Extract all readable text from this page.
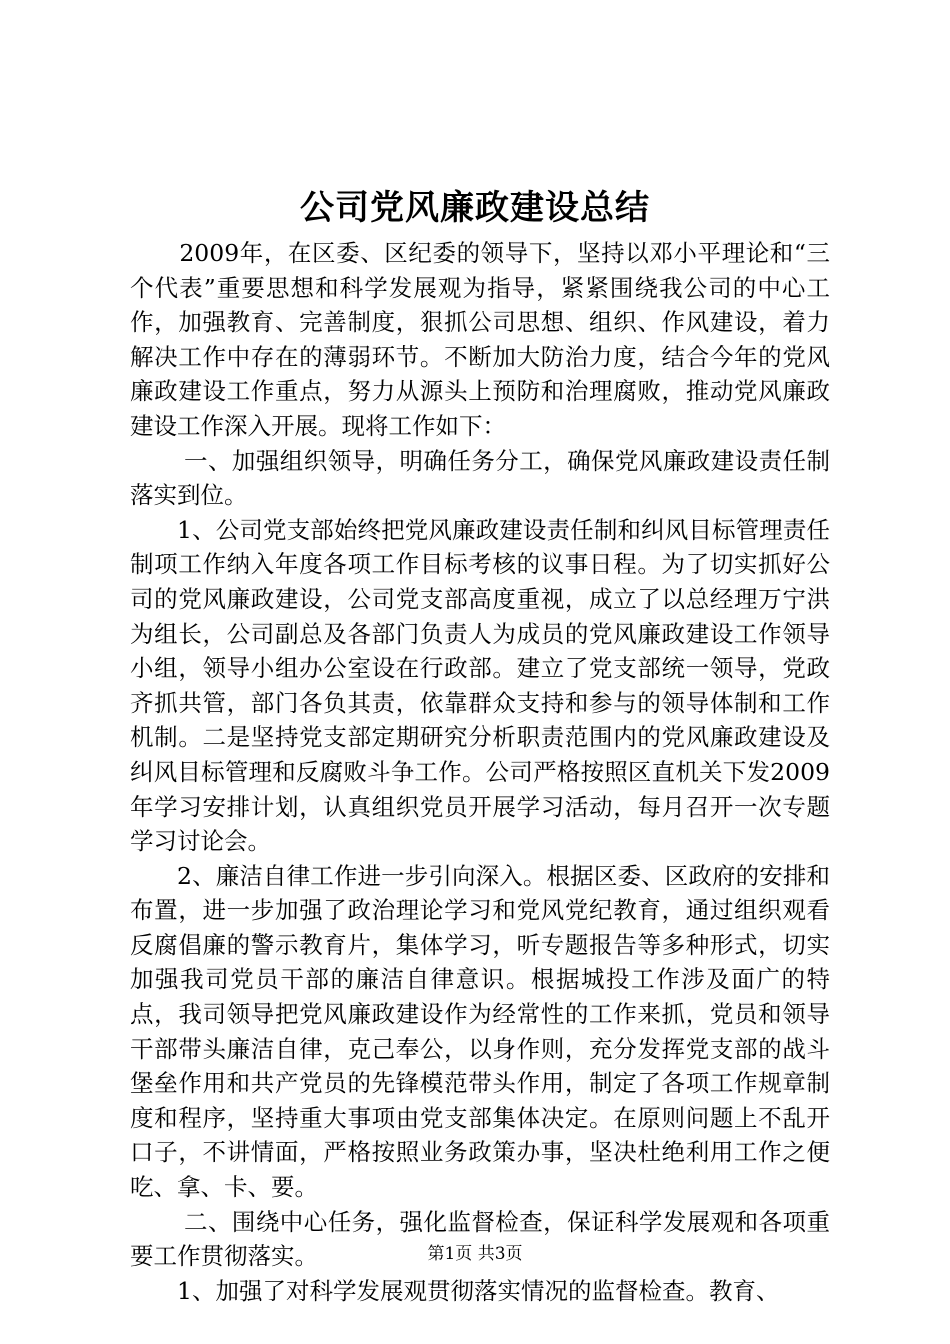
公司党风廉政建设总结

2009年，在区委、区纪委的领导下，坚持以邓小平理论和“三个代表”重要思想和科学发展观为指导，紧紧围绕我公司的中心工作，加强教育、完善制度，狠抓公司思想、组织、作风建设，着力解决工作中存在的薄弱环节。不断加大防治力度，结合今年的党风廉政建设工作重点，努力从源头上预防和治理腐败，推动党风廉政建设工作深入开展。现将工作如下：

一、加强组织领导，明确任务分工，确保党风廉政建设责任制落实到位。

1、公司党支部始终把党风廉政建设责任制和纠风目标管理责任制项工作纳入年度各项工作目标考核的议事日程。为了切实抓好公司的党风廉政建设，公司党支部高度重视，成立了以总经理万宁洪为组长，公司副总及各部门负责人为成员的党风廉政建设工作领导小组，领导小组办公室设在行政部。建立了党支部统一领导，党政齐抓共管，部门各负其责，依靠群众支持和参与的领导体制和工作机制。二是坚持党支部定期研究分析职责范围内的党风廉政建设及纠风目标管理和反腐败斗争工作。公司严格按照区直机关下发2009年学习安排计划，认真组织党员开展学习活动，每月召开一次专题学习讨论会。

2、廉洁自律工作进一步引向深入。根据区委、区政府的安排和布置，进一步加强了政治理论学习和党风党纪教育，通过组织观看反腐倡廉的警示教育片，集体学习，听专题报告等多种形式，切实加强我司党员干部的廉洁自律意识。根据城投工作涉及面广的特点，我司领导把党风廉政建设作为经常性的工作来抓，党员和领导干部带头廉洁自律，克己奉公，以身作则，充分发挥党支部的战斗堡垒作用和共产党员的先锋模范带头作用，制定了各项工作规章制度和程序，坚持重大事项由党支部集体决定。在原则问题上不乱开口子，不讲情面，严格按照业务政策办事，坚决杜绝利用工作之便吃、拿、卡、要。

二、围绕中心任务，强化监督检查，保证科学发展观和各项重要工作贯彻落实。

1、加强了对科学发展观贯彻落实情况的监督检查。教育、

第1页 共3页
